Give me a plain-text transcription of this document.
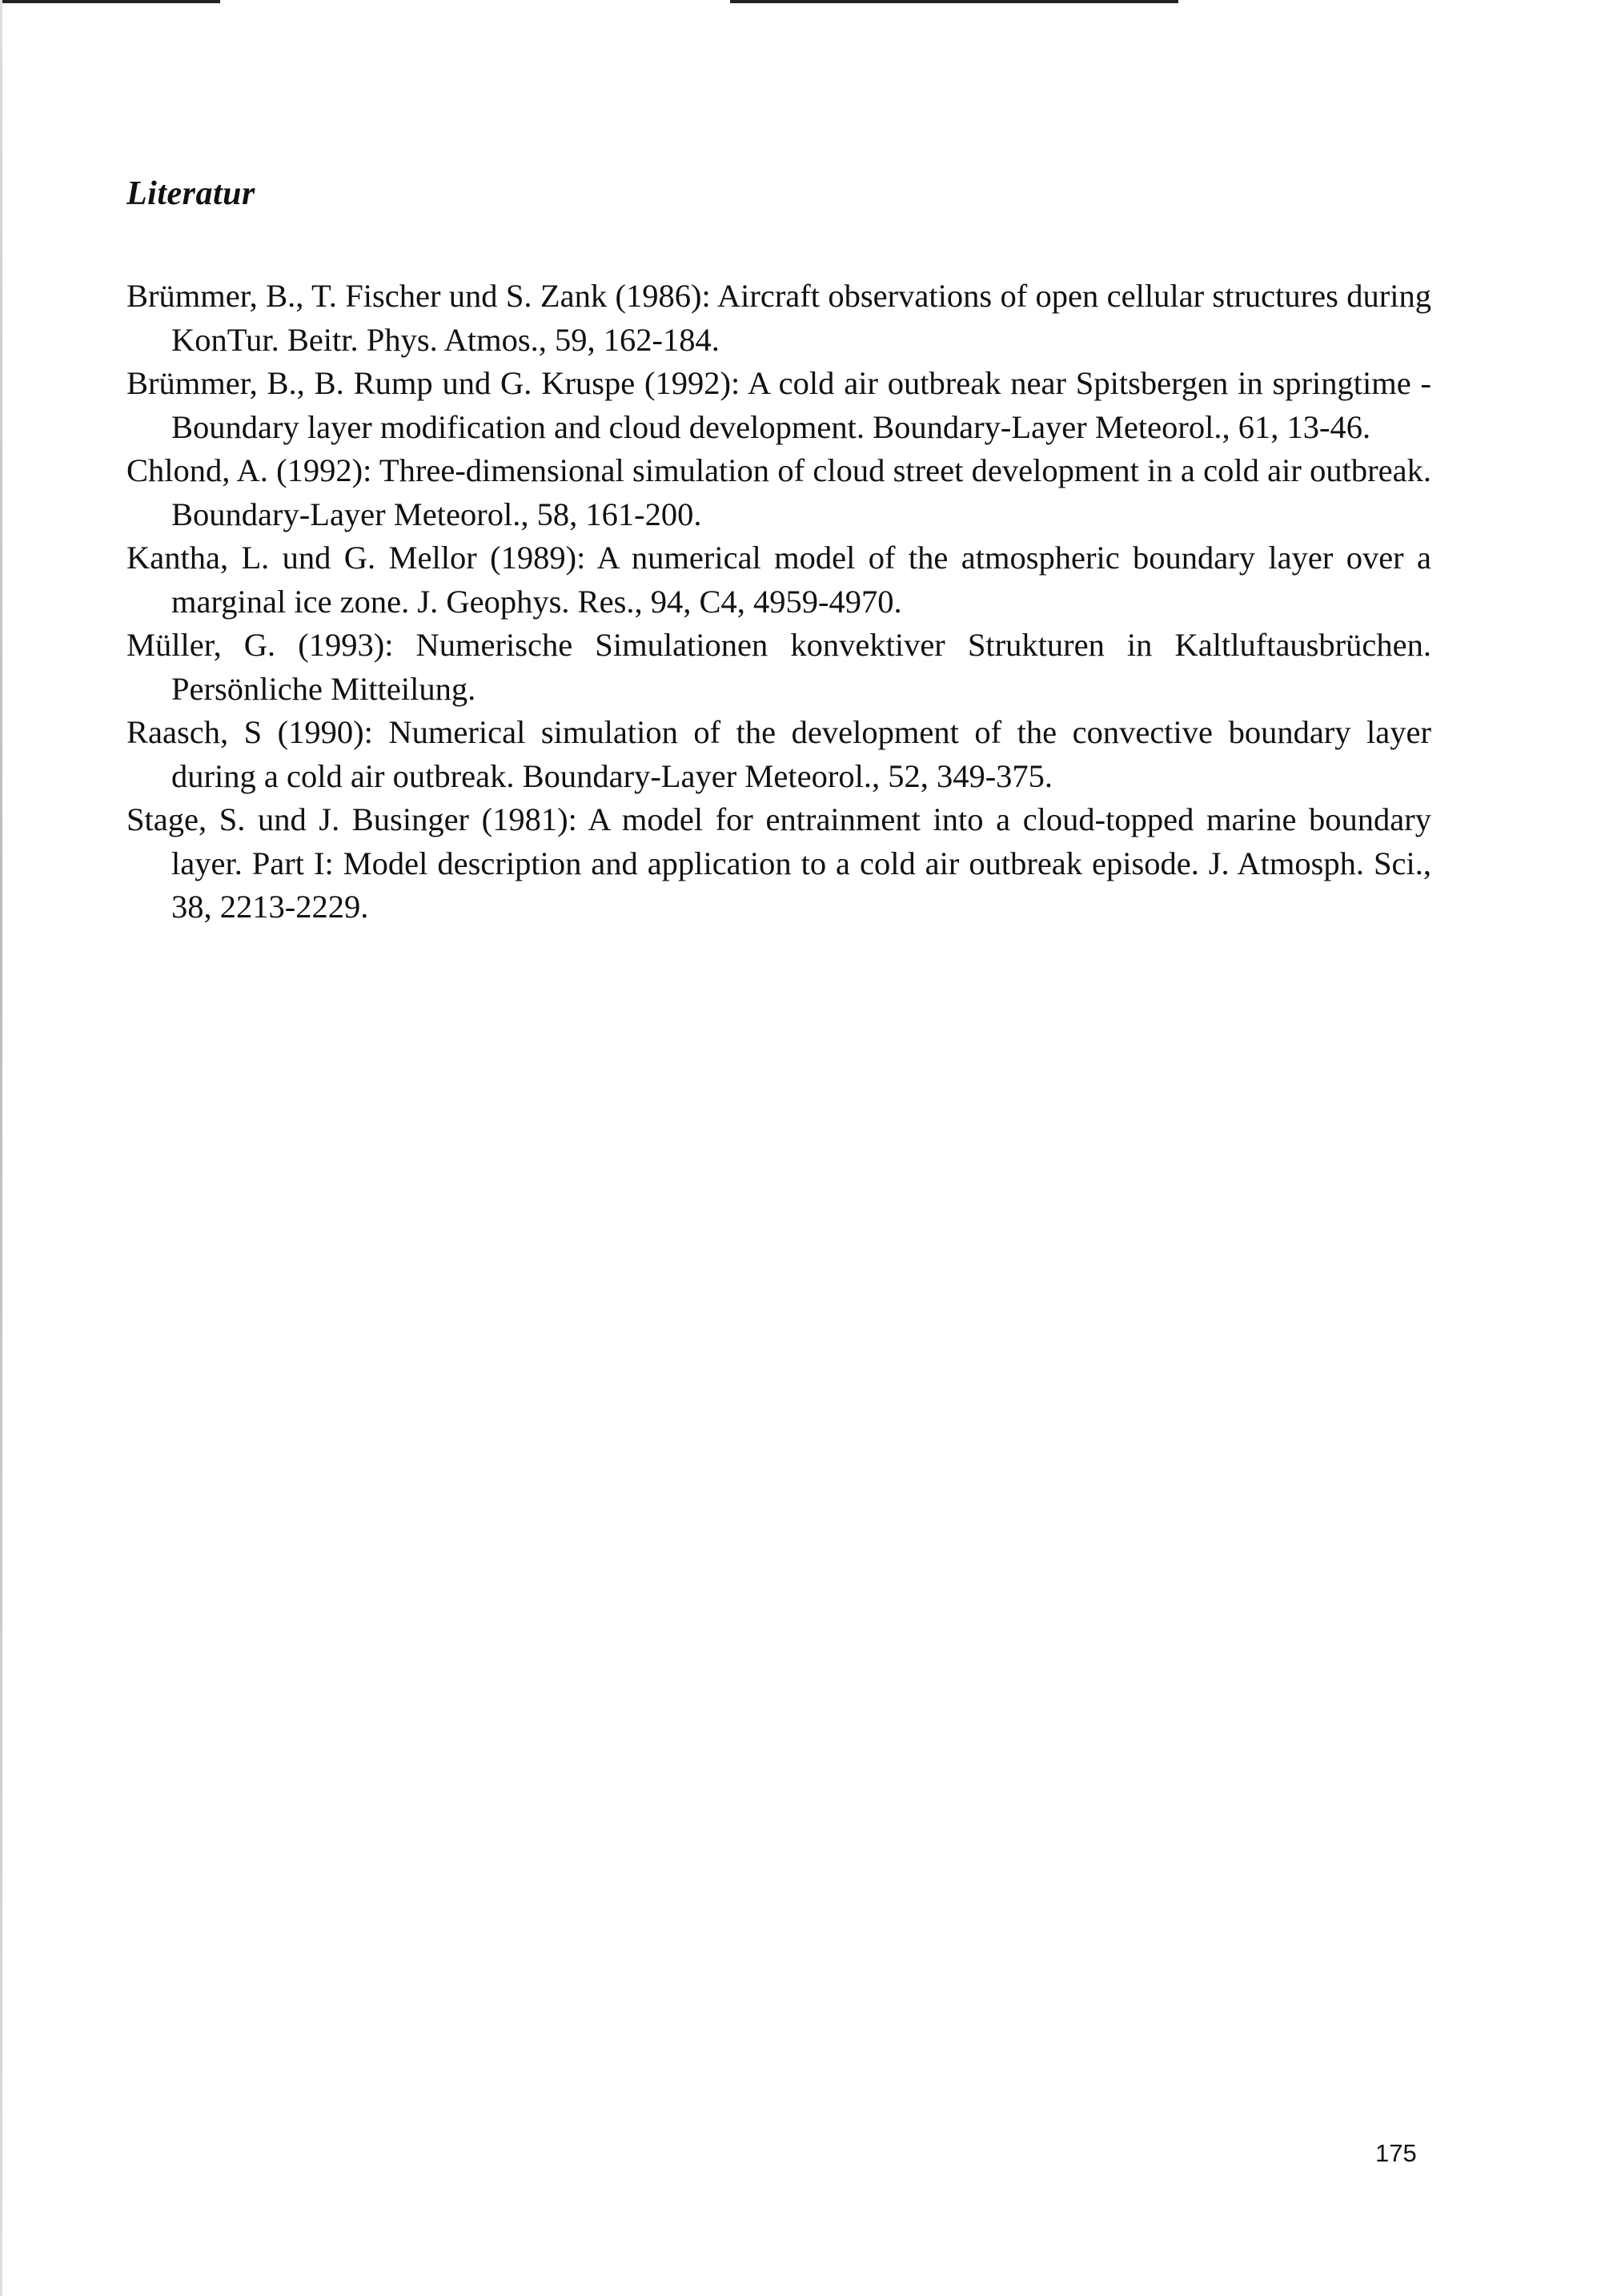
Literatur

Brümmer, B., T. Fischer und S. Zank (1986): Aircraft observations of open cellular structures during KonTur. Beitr. Phys. Atmos., 59, 162-184.

Brümmer, B., B. Rump und G. Kruspe (1992): A cold air outbreak near Spitsbergen in springtime - Boundary layer modification and cloud development. Boundary-Layer Meteorol., 61, 13-46.

Chlond, A. (1992): Three-dimensional simulation of cloud street development in a cold air outbreak. Boundary-Layer Meteorol., 58, 161-200.

Kantha, L. und G. Mellor (1989): A numerical model of the atmospheric boundary layer over a marginal ice zone. J. Geophys. Res., 94, C4, 4959-4970.

Müller, G. (1993): Numerische Simulationen konvektiver Strukturen in Kaltluftausbrüchen. Persönliche Mitteilung.

Raasch, S (1990): Numerical simulation of the development of the convective boundary layer during a cold air outbreak. Boundary-Layer Meteorol., 52, 349-375.

Stage, S. und J. Businger (1981): A model for entrainment into a cloud-topped marine boundary layer. Part I: Model description and application to a cold air outbreak episode. J. Atmosph. Sci., 38, 2213-2229.

175
